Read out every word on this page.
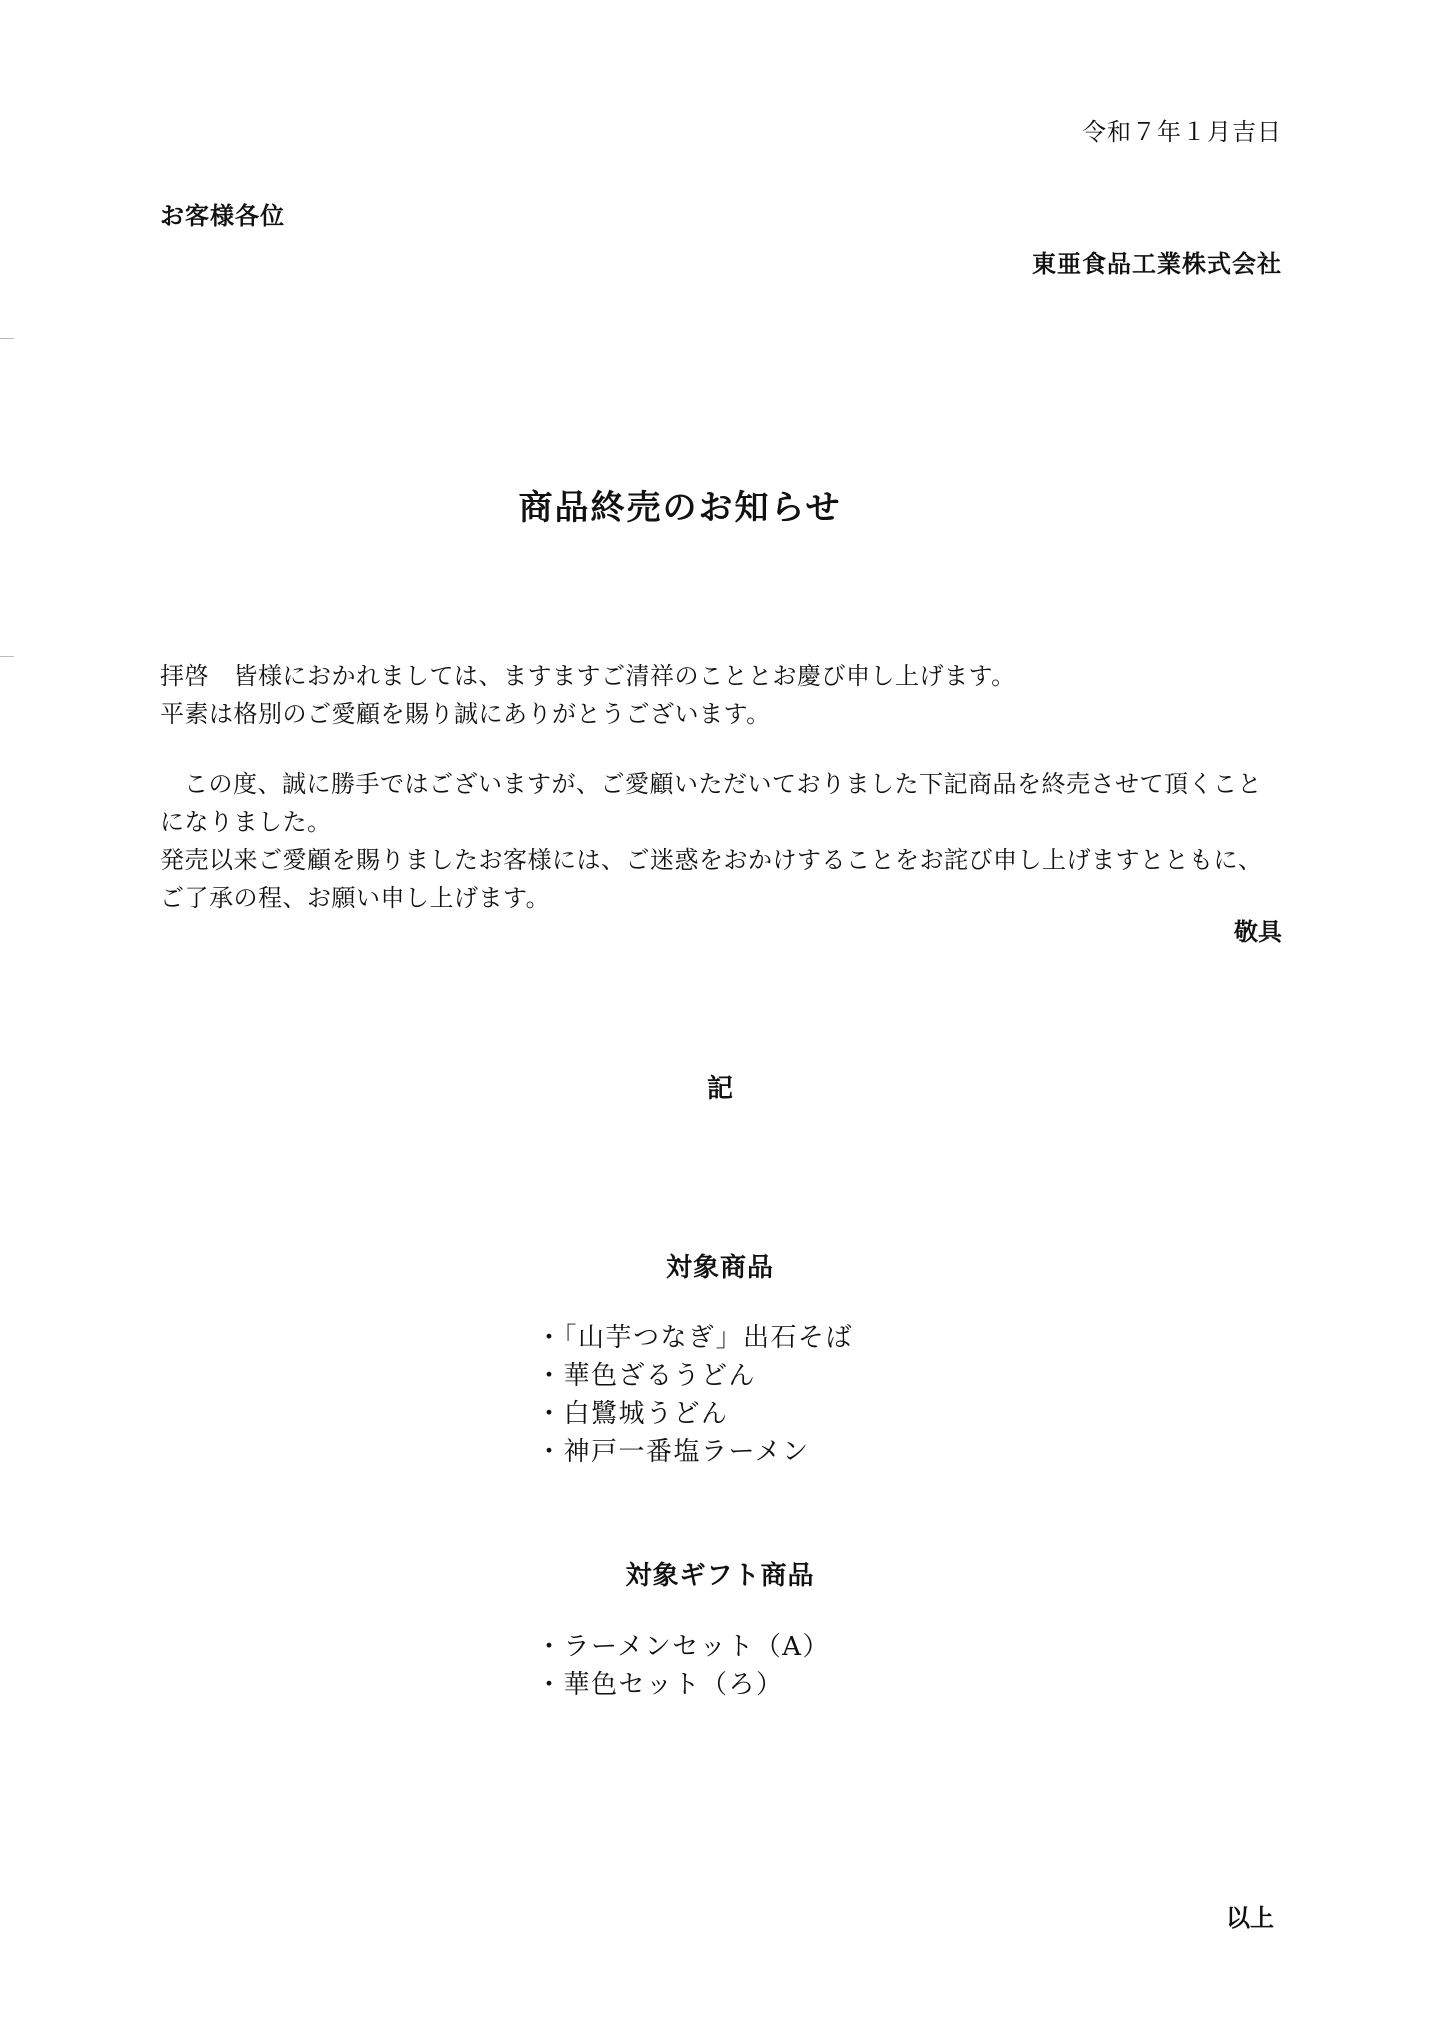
令和７年１月吉日
お客様各位
東亜食品工業株式会社
商品終売のお知らせ
拝啓　皆様におかれましては、ますますご清祥のこととお慶び申し上げます。
平素は格別のご愛顧を賜り誠にありがとうございます。
この度、誠に勝手ではございますが、ご愛顧いただいておりました下記商品を終売させて頂くことになりました。
発売以来ご愛顧を賜りましたお客様には、ご迷惑をおかけすることをお詫び申し上げますとともに、ご了承の程、お願い申し上げます。
敬具
記
対象商品
・「山芋つなぎ」出石そば
・華色ざるうどん
・白鷺城うどん
・神戸一番塩ラーメン
対象ギフト商品
・ラーメンセット（A）
・華色セット（ろ）
以上
